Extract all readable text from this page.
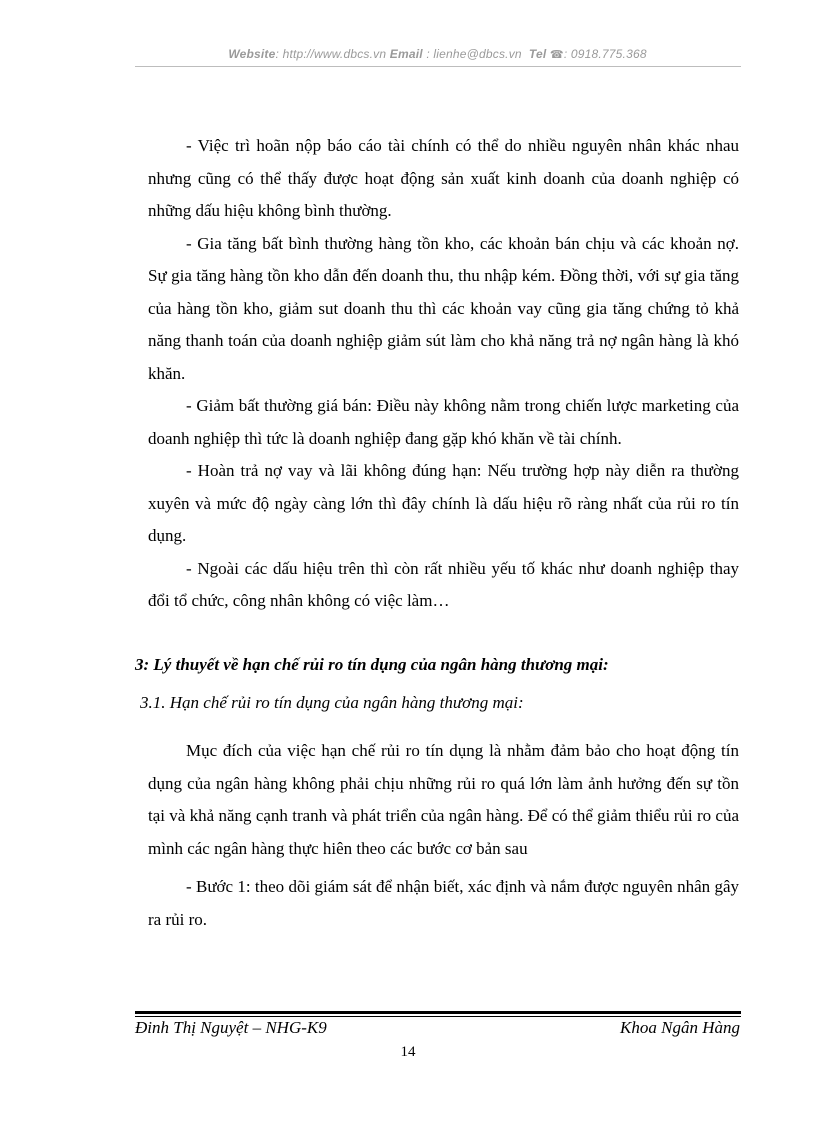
Website: http://www.dbcs.vn Email : lienhe@dbcs.vn Tel ☎: 0918.775.368

- Việc trì hoãn nộp báo cáo tài chính có thể do nhiều nguyên nhân khác nhau nhưng cũng có thể thấy được hoạt động sản xuất kinh doanh của doanh nghiệp có những dấu hiệu không bình thường.

- Gia tăng bất bình thường hàng tồn kho, các khoản bán chịu và các khoản nợ. Sự gia tăng hàng tồn kho dẫn đến doanh thu, thu nhập kém. Đồng thời, với sự gia tăng của hàng tồn kho, giảm sut doanh thu thì các khoản vay cũng gia tăng chứng tỏ khả năng thanh toán của doanh nghiệp giảm sút làm cho khả năng trả nợ ngân hàng là khó khăn.

- Giảm bất thường giá bán: Điều này không nằm trong chiến lược marketing của doanh nghiệp thì tức là doanh nghiệp đang gặp khó khăn về tài chính.

- Hoàn trả nợ vay và lãi không đúng hạn: Nếu trường hợp này diễn ra thường xuyên và mức độ ngày càng lớn thì đây chính là dấu hiệu rõ ràng nhất của rủi ro tín dụng.

- Ngoài các dấu hiệu trên thì còn rất nhiều yếu tố khác như doanh nghiệp thay đổi tổ chức, công nhân không có việc làm…

3: Lý thuyết về hạn chế rủi ro tín dụng của ngân hàng thương mại:
3.1. Hạn chế rủi ro tín dụng của ngân hàng thương mại:

Mục đích của việc hạn chế rủi ro tín dụng là nhằm đảm bảo cho hoạt động tín dụng của ngân hàng không phải chịu những rủi ro quá lớn làm ảnh hưởng đến sự tồn tại và khả năng cạnh tranh và phát triển của ngân hàng. Để có thể giảm thiểu rủi ro của mình các ngân hàng thực hiên theo các bước cơ bản sau

- Bước 1: theo dõi giám sát để nhận biết, xác định và nắm được nguyên nhân gây ra rủi ro.

Đinh Thị Nguyệt – NHG-K9	Khoa Ngân Hàng
14
